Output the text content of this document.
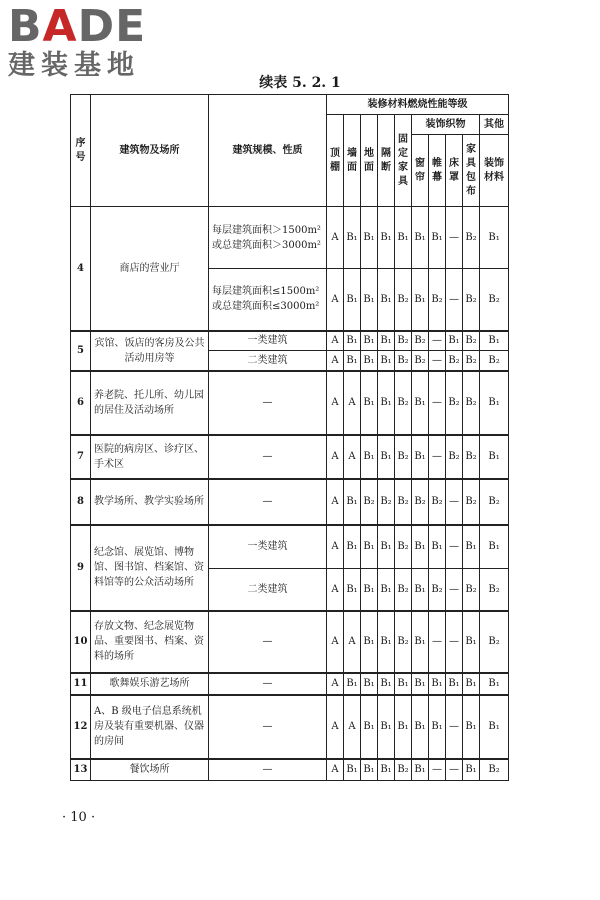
BADE
建装基地
续表 5. 2. 1
序号	建筑物及场所	建筑规模、性质	装修材料燃烧性能等级									
			顶棚	墙面	地面	隔断	固定家具	装饰织物				其他
								窗帘	帷幕	床罩	家具包布	装饰材料
4	商店的营业厅	每层建筑面积＞1500m² 或总建筑面积＞3000m²	A	B₁	B₁	B₁	B₁	B₁	B₁	—	B₂	B₁
		每层建筑面积≤1500m² 或总建筑面积≤3000m²	A	B₁	B₁	B₁	B₂	B₁	B₂	—	B₂	B₂
5	宾馆、饭店的客房及公共活动用房等	一类建筑	A	B₁	B₁	B₁	B₂	B₂	—	B₁	B₂	B₁
		二类建筑	A	B₁	B₁	B₁	B₂	B₂	—	B₂	B₂	B₂
6	养老院、托儿所、幼儿园的居住及活动场所	—	A	A	B₁	B₁	B₂	B₁	—	B₂	B₂	B₁
7	医院的病房区、诊疗区、手术区	—	A	A	B₁	B₁	B₂	B₁	—	B₂	B₂	B₁
8	教学场所、教学实验场所	—	A	B₁	B₂	B₂	B₂	B₂	B₂	—	B₂	B₂
9	纪念馆、展览馆、博物馆、图书馆、档案馆、资料馆等的公众活动场所	一类建筑	A	B₁	B₁	B₁	B₂	B₁	B₁	—	B₁	B₁
		二类建筑	A	B₁	B₁	B₁	B₂	B₁	B₂	—	B₂	B₂
10	存放文物、纪念展览物品、重要图书、档案、资料的场所	—	A	A	B₁	B₁	B₂	B₁	—	—	B₁	B₂
11	歌舞娱乐游艺场所	—	A	B₁	B₁	B₁	B₁	B₁	B₁	B₁	B₁	B₁
12	A、B 级电子信息系统机房及装有重要机器、仪器的房间	—	A	A	B₁	B₁	B₁	B₁	B₁	—	B₁	B₁
13	餐饮场所	—	A	B₁	B₁	B₁	B₂	B₁	—	—	B₁	B₂
· 10 ·
